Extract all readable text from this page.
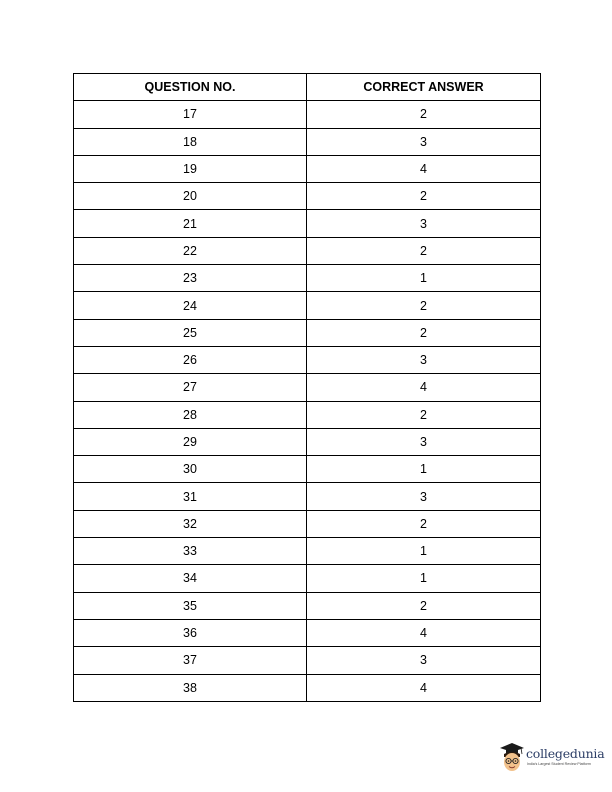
QUESTION NO.	CORRECT ANSWER
17	2
18	3
19	4
20	2
21	3
22	2
23	1
24	2
25	2
26	3
27	4
28	2
29	3
30	1
31	3
32	2
33	1
34	1
35	2
36	4
37	3
38	4
collegedunia
India's Largest Student Review Platform
